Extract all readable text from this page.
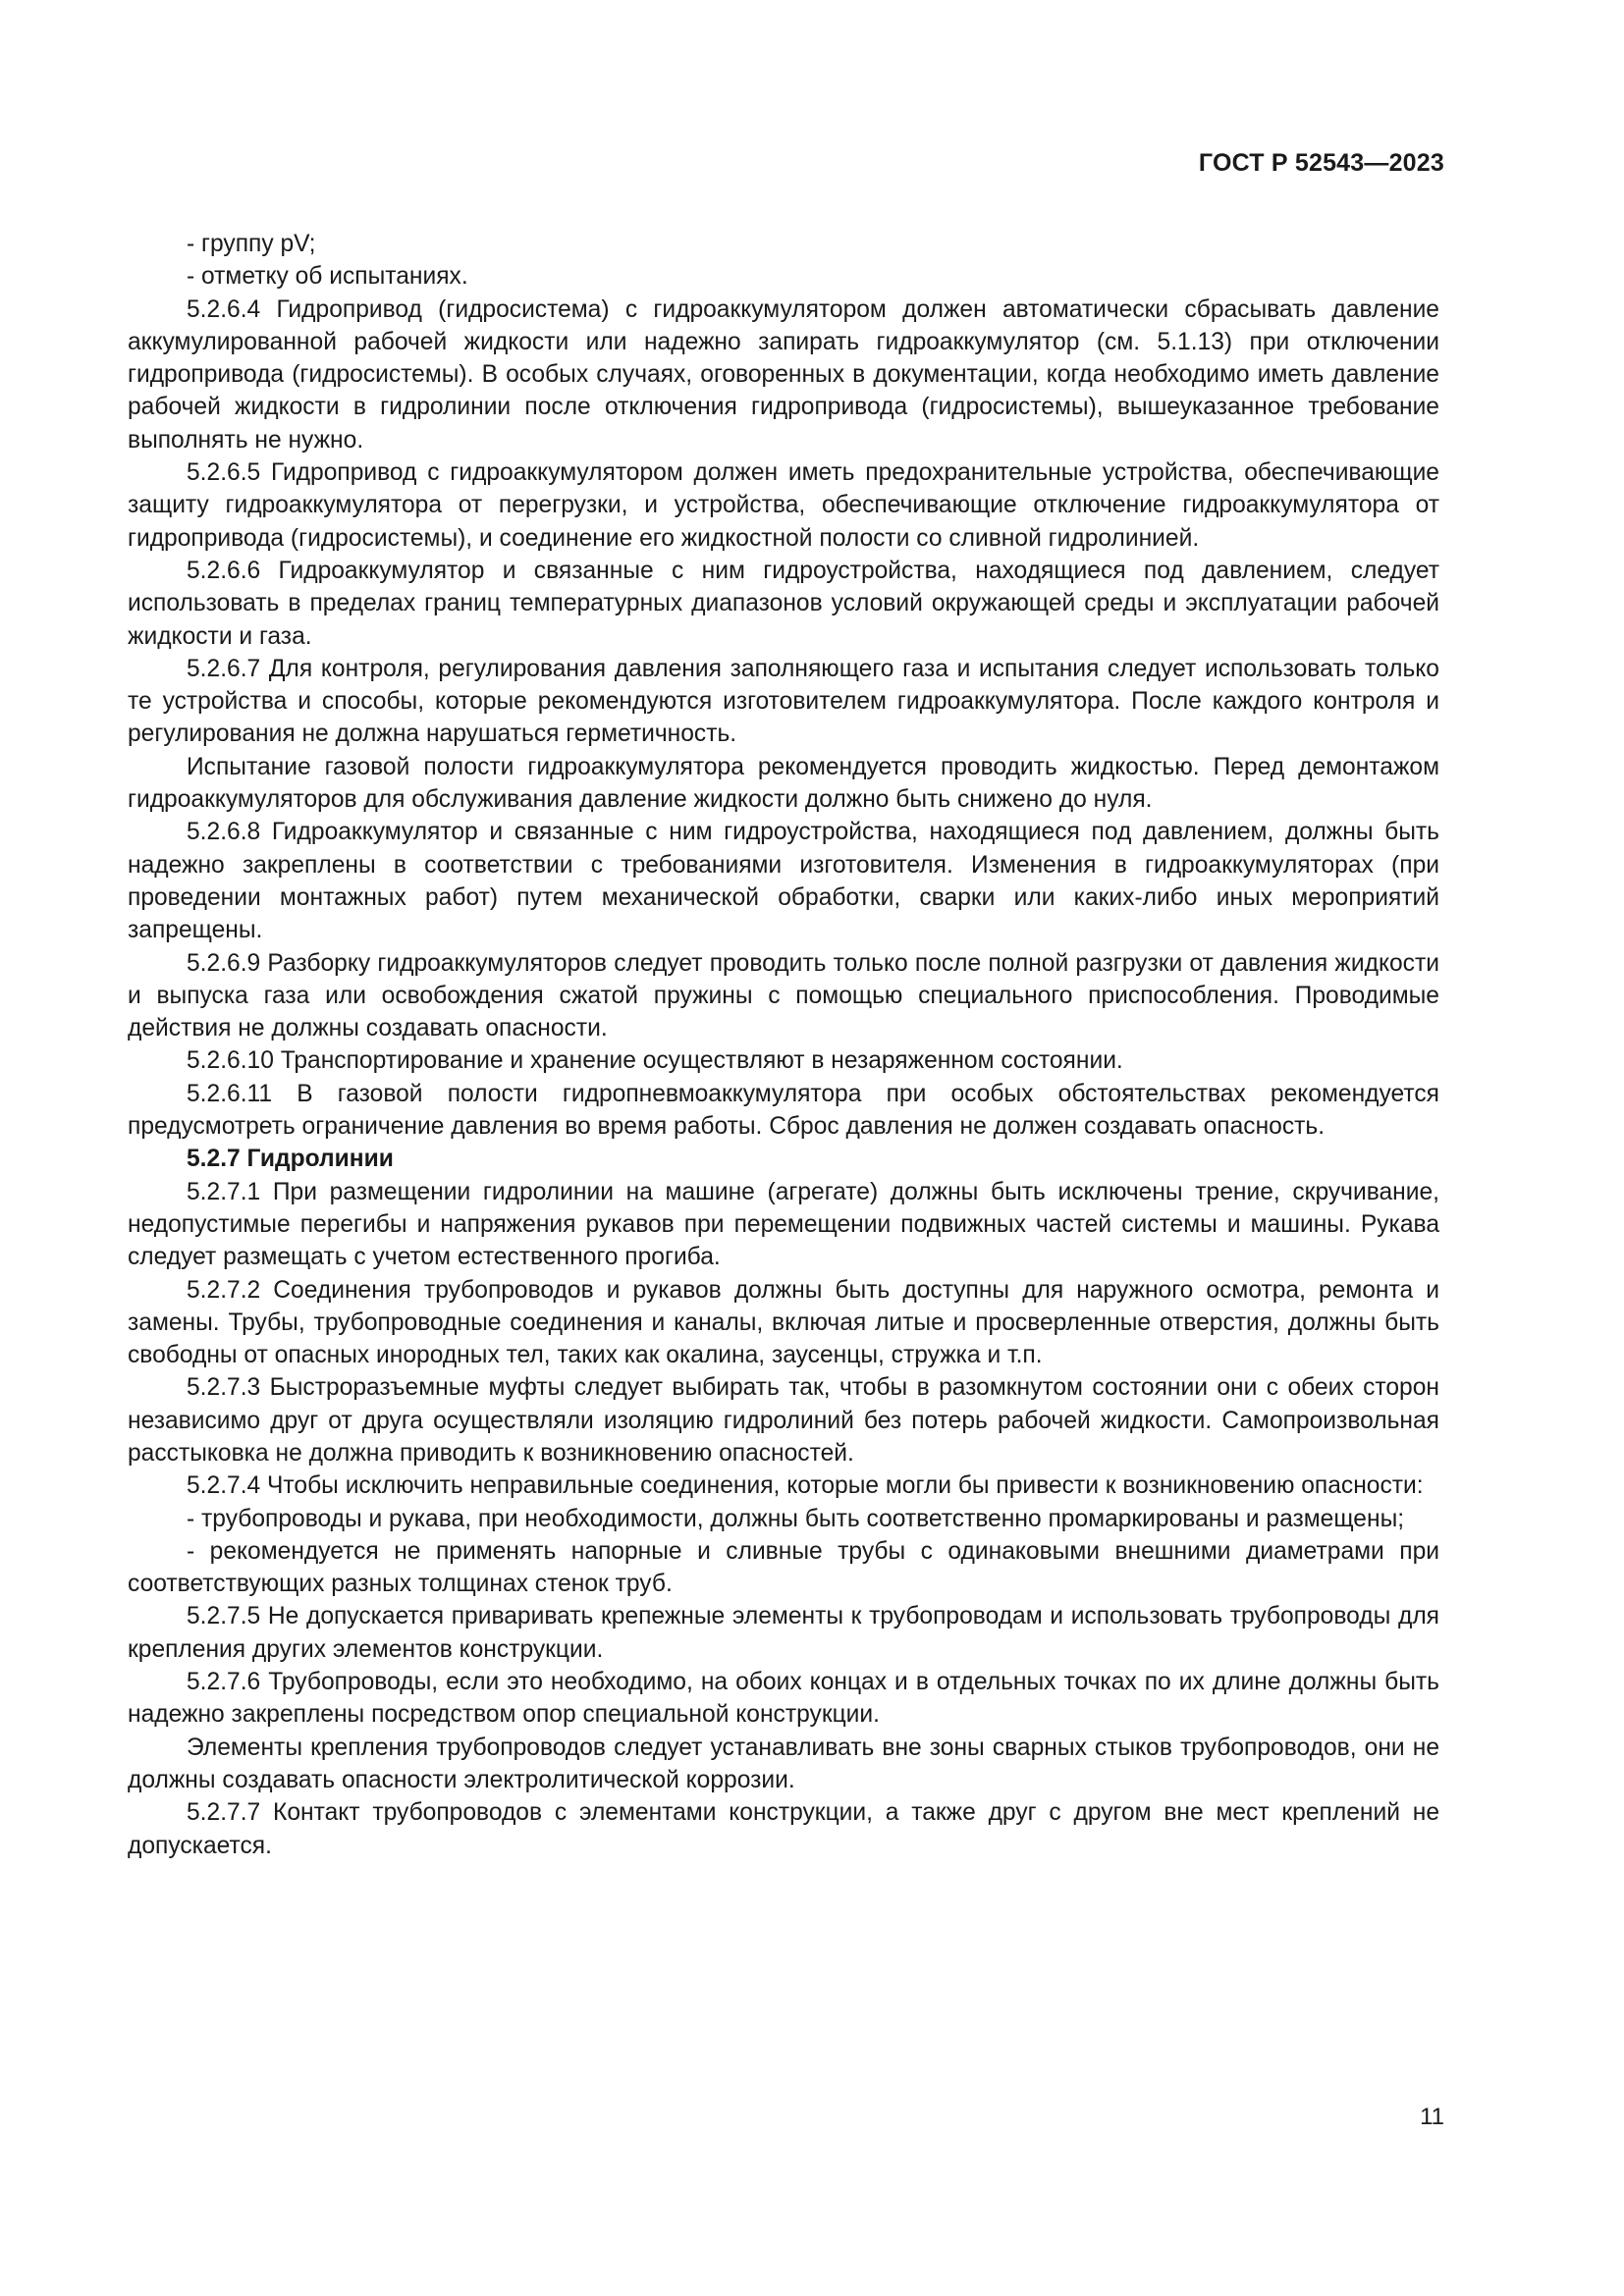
ГОСТ Р 52543—2023

- группу pV;

- отметку об испытаниях.

5.2.6.4 Гидропривод (гидросистема) с гидроаккумулятором должен автоматически сбрасывать давление аккумулированной рабочей жидкости или надежно запирать гидроаккумулятор (см. 5.1.13) при отключении гидропривода (гидросистемы). В особых случаях, оговоренных в документации, когда необходимо иметь давление рабочей жидкости в гидролинии после отключения гидропривода (гидросистемы), вышеуказанное требование выполнять не нужно.

5.2.6.5 Гидропривод с гидроаккумулятором должен иметь предохранительные устройства, обеспечивающие защиту гидроаккумулятора от перегрузки, и устройства, обеспечивающие отключение гидроаккумулятора от гидропривода (гидросистемы), и соединение его жидкостной полости со сливной гидролинией.

5.2.6.6 Гидроаккумулятор и связанные с ним гидроустройства, находящиеся под давлением, следует использовать в пределах границ температурных диапазонов условий окружающей среды и эксплуатации рабочей жидкости и газа.

5.2.6.7 Для контроля, регулирования давления заполняющего газа и испытания следует использовать только те устройства и способы, которые рекомендуются изготовителем гидроаккумулятора. После каждого контроля и регулирования не должна нарушаться герметичность.

Испытание газовой полости гидроаккумулятора рекомендуется проводить жидкостью. Перед демонтажом гидроаккумуляторов для обслуживания давление жидкости должно быть снижено до нуля.

5.2.6.8 Гидроаккумулятор и связанные с ним гидроустройства, находящиеся под давлением, должны быть надежно закреплены в соответствии с требованиями изготовителя. Изменения в гидроаккумуляторах (при проведении монтажных работ) путем механической обработки, сварки или каких-либо иных мероприятий запрещены.

5.2.6.9 Разборку гидроаккумуляторов следует проводить только после полной разгрузки от давления жидкости и выпуска газа или освобождения сжатой пружины с помощью специального приспособления. Проводимые действия не должны создавать опасности.

5.2.6.10 Транспортирование и хранение осуществляют в незаряженном состоянии.

5.2.6.11 В газовой полости гидропневмоаккумулятора при особых обстоятельствах рекомендуется предусмотреть ограничение давления во время работы. Сброс давления не должен создавать опасность.

5.2.7 Гидролинии

5.2.7.1 При размещении гидролинии на машине (агрегате) должны быть исключены трение, скручивание, недопустимые перегибы и напряжения рукавов при перемещении подвижных частей системы и машины. Рукава следует размещать с учетом естественного прогиба.

5.2.7.2 Соединения трубопроводов и рукавов должны быть доступны для наружного осмотра, ремонта и замены. Трубы, трубопроводные соединения и каналы, включая литые и просверленные отверстия, должны быть свободны от опасных инородных тел, таких как окалина, заусенцы, стружка и т.п.

5.2.7.3 Быстроразъемные муфты следует выбирать так, чтобы в разомкнутом состоянии они с обеих сторон независимо друг от друга осуществляли изоляцию гидролиний без потерь рабочей жидкости. Самопроизвольная расстыковка не должна приводить к возникновению опасностей.

5.2.7.4 Чтобы исключить неправильные соединения, которые могли бы привести к возникновению опасности:

- трубопроводы и рукава, при необходимости, должны быть соответственно промаркированы и размещены;

- рекомендуется не применять напорные и сливные трубы с одинаковыми внешними диаметрами при соответствующих разных толщинах стенок труб.

5.2.7.5 Не допускается приваривать крепежные элементы к трубопроводам и использовать трубопроводы для крепления других элементов конструкции.

5.2.7.6 Трубопроводы, если это необходимо, на обоих концах и в отдельных точках по их длине должны быть надежно закреплены посредством опор специальной конструкции.

Элементы крепления трубопроводов следует устанавливать вне зоны сварных стыков трубопроводов, они не должны создавать опасности электролитической коррозии.

5.2.7.7 Контакт трубопроводов с элементами конструкции, а также друг с другом вне мест креплений не допускается.

11
